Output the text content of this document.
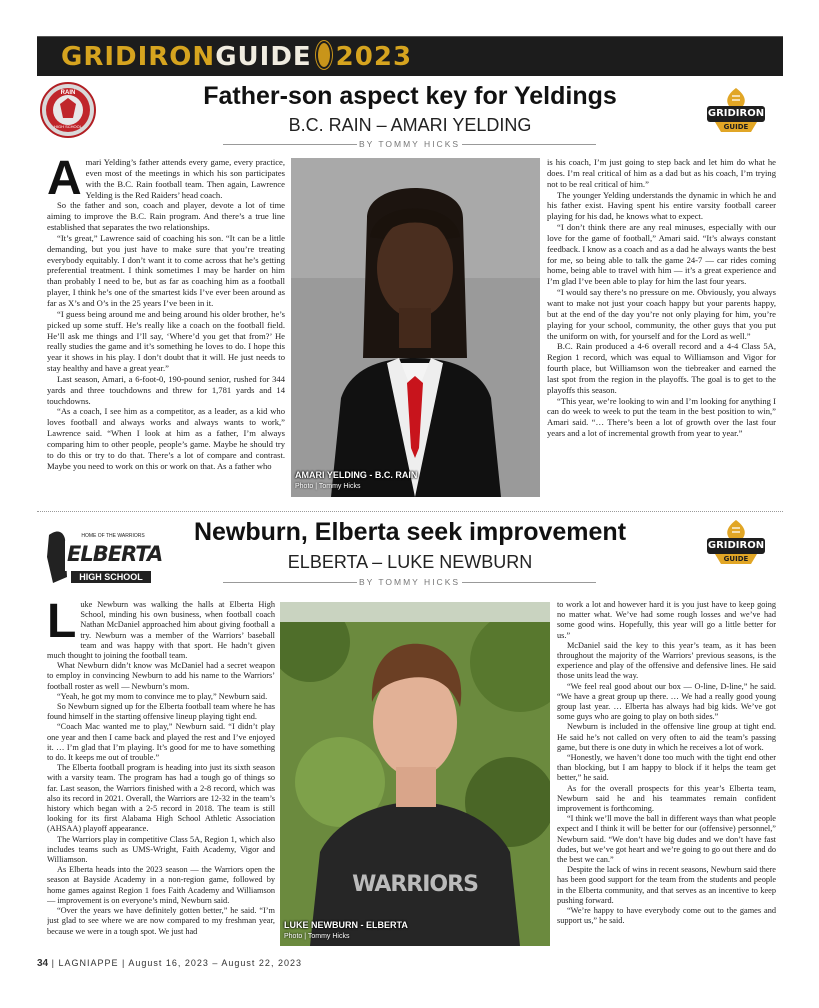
GRIDIRONGUIDE 2023
RAIN
HIGH SCHOOL
Father-son aspect key for Yeldings
B.C. RAIN – AMARI YELDING
BY TOMMY HICKS
GRIDIRON
GUIDE
A mari Yelding’s father attends every game, every practice, even most of the meetings in which his son participates with the B.C. Rain football team. Then again, Lawrence Yelding is the Red Raiders’ head coach.

So the father and son, coach and player, devote a lot of time aiming to improve the B.C. Rain program. And there’s a true line established that separates the two relationships.

“It’s great,” Lawrence said of coaching his son. “It can be a little demanding, but you just have to make sure that you’re treating everybody equitably. I don’t want it to come across that he’s getting preferential treatment. I think sometimes I may be harder on him than probably I need to be, but as far as coaching him as a football player, I think he’s one of the smartest kids I’ve ever been around as far as X’s and O’s in the 25 years I’ve been in it.

“I guess being around me and being around his older brother, he’s picked up some stuff. He’s really like a coach on the football field. He’ll ask me things and I’ll say, ‘Where’d you get that from?’ He really studies the game and it’s something he loves to do. I hope this year it shows in his play. I don’t doubt that it will. He just needs to stay healthy and have a great year.”

Last season, Amari, a 6-foot-0, 190-pound senior, rushed for 344 yards and three touchdowns and threw for 1,781 yards and 14 touchdowns.

“As a coach, I see him as a competitor, as a leader, as a kid who loves football and always works and always wants to work,” Lawrence said. “When I look at him as a father, I’m always comparing him to other people, people’s game. Maybe he should try to do this or try to do that. There’s a lot of compare and contrast. Maybe you need to work on this or work on that. As a father who

AMARI YELDING - B.C. RAIN
Photo | Tommy Hicks

is his coach, I’m just going to step back and let him do what he does. I’m real critical of him as a dad but as his coach, I’m trying not to be real critical of him.”

The younger Yelding understands the dynamic in which he and his father exist. Having spent his entire varsity football career playing for his dad, he knows what to expect.

“I don’t think there are any real minuses, especially with our love for the game of football,” Amari said. “It’s always constant feedback. I know as a coach and as a dad he always wants the best for me, so being able to talk the game 24-7 — car rides coming home, being able to travel with him — it’s a great experience and I’m glad I’ve been able to play for him the last four years.

“I would say there’s no pressure on me. Obviously, you always want to make not just your coach happy but your parents happy, but at the end of the day you’re not only playing for him, you’re playing for your school, community, the other guys that you put the uniform on with, for yourself and for the Lord as well.”

B.C. Rain produced a 4-6 overall record and a 4-4 Class 5A, Region 1 record, which was equal to Williamson and Vigor for fourth place, but Williamson won the tiebreaker and earned the last spot from the region in the playoffs. The goal is to get to the playoffs this season.

“This year, we’re looking to win and I’m looking for anything I can do week to week to put the team in the best position to win,” Amari said. “… There’s been a lot of growth over the last four years and a lot of incremental growth from year to year.”

HOME OF THE WARRIORS
ELBERTA
HIGH SCHOOL
Newburn, Elberta seek improvement
ELBERTA – LUKE NEWBURN
BY TOMMY HICKS
GRIDIRON
GUIDE
L uke Newburn was walking the halls at Elberta High School, minding his own business, when football coach Nathan McDaniel approached him about giving football a try. Newburn was a member of the Warriors’ baseball team and was happy with that sport. He hadn’t given much thought to joining the football team.

What Newburn didn’t know was McDaniel had a secret weapon to employ in convincing Newburn to add his name to the Warriors’ football roster as well — Newburn’s mom.

“Yeah, he got my mom to convince me to play,” Newburn said.

So Newburn signed up for the Elberta football team where he has found himself in the starting offensive lineup playing tight end.

“Coach Mac wanted me to play,” Newburn said. “I didn’t play one year and then I came back and played the rest and I’ve enjoyed it. … I’m glad that I’m playing. It’s good for me to have something to do. It keeps me out of trouble.”

The Elberta football program is heading into just its sixth season with a varsity team. The program has had a tough go of things so far. Last season, the Warriors finished with a 2-8 record, which was also its record in 2021. Overall, the Warriors are 12-32 in the team’s history which began with a 2-5 record in 2018. The team is still looking for its first Alabama High School Athletic Association (AHSAA) playoff appearance.

The Warriors play in competitive Class 5A, Region 1, which also includes teams such as UMS-Wright, Faith Academy, Vigor and Williamson.

As Elberta heads into the 2023 season — the Warriors open the season at Bayside Academy in a non-region game, followed by home games against Region 1 foes Faith Academy and Williamson — improvement is on everyone’s mind, Newburn said.

“Over the years we have definitely gotten better,” he said. “I’m just glad to see where we are now compared to my freshman year, because we were in a tough spot. We just had

WARRIORS
LUKE NEWBURN - ELBERTA
Photo | Tommy Hicks

to work a lot and however hard it is you just have to keep going no matter what. We’ve had some rough losses and we’ve had some good wins. Hopefully, this year will go a little better for us.”

McDaniel said the key to this year’s team, as it has been throughout the majority of the Warriors’ previous seasons, is the experience and play of the offensive and defensive lines. He said those units lead the way.

“We feel real good about our box — O-line, D-line,” he said. “We have a great group up there. … We had a really good young group last year. … Elberta has always had big kids. We’ve got some guys who are going to play on both sides.”

Newburn is included in the offensive line group at tight end. He said he’s not called on very often to aid the team’s passing game, but there is one duty in which he receives a lot of work.

“Honestly, we haven’t done too much with the tight end other than blocking, but I am happy to block if it helps the team get better,” he said.

As for the overall prospects for this year’s Elberta team, Newburn said he and his teammates remain confident improvement is forthcoming.

“I think we’ll move the ball in different ways than what people expect and I think it will be better for our (offensive) personnel,” Newburn said. “We don’t have big dudes and we don’t have fast dudes, but we’ve got heart and we’re going to go out there and do the best we can.”

Despite the lack of wins in recent seasons, Newburn said there has been good support for the team from the students and people in the Elberta community, and that serves as an incentive to keep pushing forward.

“We’re happy to have everybody come out to the games and support us,” he said.

34 | LAGNIAPPE | August 16, 2023 – August 22, 2023
